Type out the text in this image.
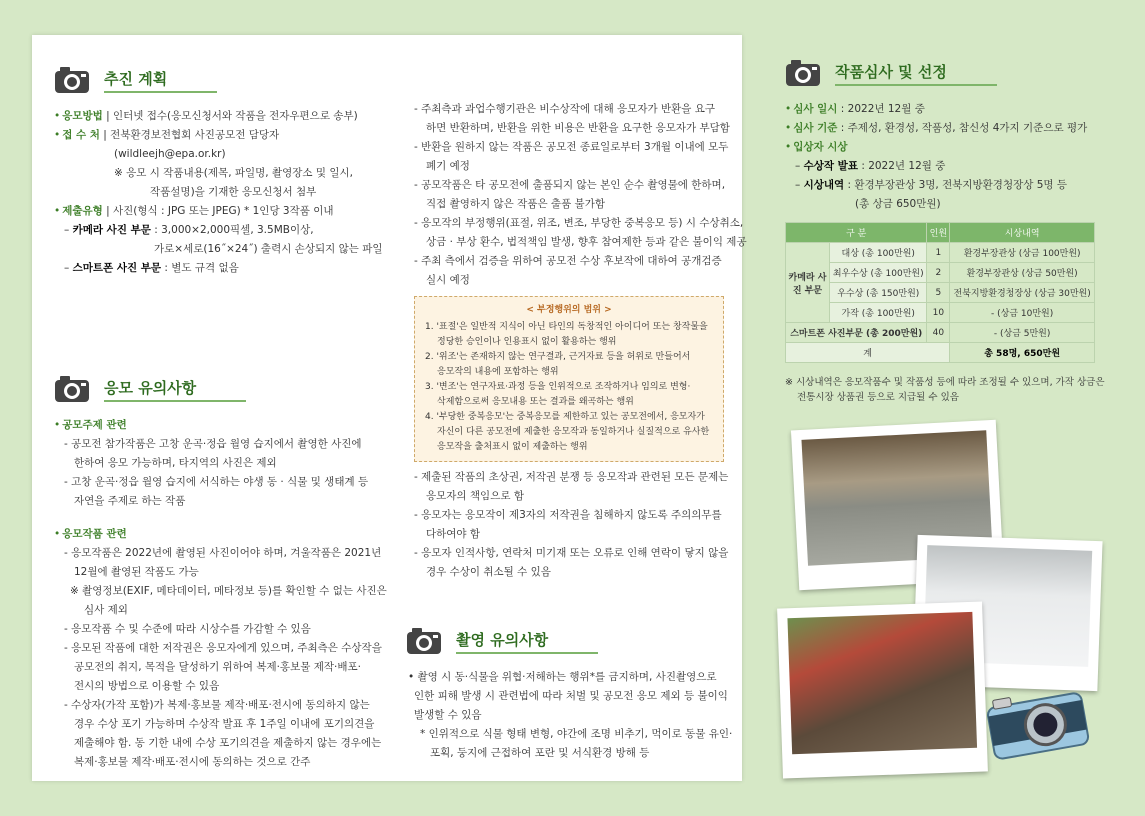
추진 계획
• 응모방법 | 인터넷 접수(응모신청서와 작품을 전자우편으로 송부)
• 접 수 처 | 전북환경보전협회 사진공모전 담당자
(wildleejh@epa.or.kr)
※ 응모 시 작품내용(제목, 파일명, 촬영장소 및 일시,
작품설명)을 기재한 응모신청서 첨부
• 제출유형 | 사진(형식 : JPG 또는 JPEG) * 1인당 3작품 이내
– 카메라 사진 부문 : 3,000×2,000픽셀, 3.5MB이상,
가로×세로(16˝×24˝) 출력시 손상되지 않는 파일
– 스마트폰 사진 부문 : 별도 규격 없음
응모 유의사항
• 공모주제 관련
- 공모전 참가작품은 고창 운곡·정읍 월영 습지에서 촬영한 사진에
한하여 응모 가능하며, 타지역의 사진은 제외
- 고창 운곡·정읍 월영 습지에 서식하는 야생 동 · 식물 및 생태계 등
자연을 주제로 하는 작품
• 응모작품 관련
- 응모작품은 2022년에 촬영된 사진이어야 하며, 겨울작품은 2021년
12월에 촬영된 작품도 가능
※ 촬영정보(EXIF, 메타데이터, 메타정보 등)를 확인할 수 없는 사진은
심사 제외
- 응모작품 수 및 수준에 따라 시상수를 가감할 수 있음
- 응모된 작품에 대한 저작권은 응모자에게 있으며, 주최측은 수상작을
공모전의 취지, 목적을 달성하기 위하여 복제·홍보물 제작·배포·
전시의 방법으로 이용할 수 있음
- 수상자(가작 포함)가 복제·홍보물 제작·배포·전시에 동의하지 않는
경우 수상 포기 가능하며 수상작 발표 후 1주일 이내에 포기의견을
제출해야 함. 동 기한 내에 수상 포기의견을 제출하지 않는 경우에는
복제·홍보물 제작·배포·전시에 동의하는 것으로 간주
- 주최측과 과업수행기관은 비수상작에 대해 응모자가 반환을 요구
하면 반환하며, 반환을 위한 비용은 반환을 요구한 응모자가 부담함
- 반환을 원하지 않는 작품은 공모전 종료일로부터 3개월 이내에 모두
폐기 예정
- 공모작품은 타 공모전에 출품되지 않는 본인 순수 촬영물에 한하며,
직접 촬영하지 않은 작품은 출품 불가함
- 응모작의 부정행위(표절, 위조, 변조, 부당한 중복응모 등) 시 수상취소,
상금 · 부상 환수, 법적책임 발생, 향후 참여제한 등과 같은 불이익 제공
- 주최 측에서 검증을 위하여 공모전 수상 후보작에 대하여 공개검증
실시 예정
< 부정행위의 범위 >
1. '표절'은 일반적 지식이 아닌 타인의 독창적인 아이디어 또는 창작물을
정당한 승인이나 인용표시 없이 활용하는 행위
2. '위조'는 존재하지 않는 연구결과, 근거자료 등을 허위로 만들어서
응모작의 내용에 포함하는 행위
3. '변조'는 연구자료·과정 등을 인위적으로 조작하거나 임의로 변형·
삭제함으로써 응모내용 또는 결과를 왜곡하는 행위
4. '부당한 중복응모'는 중복응모를 제한하고 있는 공모전에서, 응모자가
자신이 다른 공모전에 제출한 응모작과 동일하거나 실질적으로 유사한
응모작을 출처표시 없이 제출하는 행위
- 제출된 작품의 초상권, 저작권 분쟁 등 응모작과 관련된 모든 문제는
응모자의 책임으로 함
- 응모자는 응모작이 제3자의 저작권을 침해하지 않도록 주의의무를
다하여야 함
- 응모자 인적사항, 연락처 미기재 또는 오류로 인해 연락이 닿지 않을
경우 수상이 취소될 수 있음
촬영 유의사항
• 촬영 시 동·식물을 위협·저해하는 행위*를 금지하며, 사진촬영으로
인한 피해 발생 시 관련법에 따라 처벌 및 공모전 응모 제외 등 불이익
발생할 수 있음
* 인위적으로 식물 형태 변형, 야간에 조명 비추기, 먹이로 동물 유인·
포획, 둥지에 근접하여 포란 및 서식환경 방해 등
작품심사 및 선정
• 심사 일시 : 2022년 12월 중
• 심사 기준 : 주제성, 환경성, 작품성, 참신성 4가지 기준으로 평가
• 입상자 시상
– 수상작 발표 : 2022년 12월 중
– 시상내역 : 환경부장관상 3명, 전북지방환경청장상 5명 등
(총 상금 650만원)
구 분		인원	시상내역
카메라 사진 부문	대상 (총 100만원)	1	환경부장관상 (상금 100만원)
	최우수상 (총 100만원)	2	환경부장관상 (상금 50만원)
	우수상 (총 150만원)	5	전북지방환경청장상 (상금 30만원)
	가작 (총 100만원)	10	- (상금 10만원)
스마트폰 사진부문 (총 200만원)		40	- (상금 5만원)
계			총 58명, 650만원
※ 시상내역은 응모작품수 및 작품성 등에 따라 조정될 수 있으며, 가작 상금은
전통시장 상품권 등으로 지급될 수 있음
